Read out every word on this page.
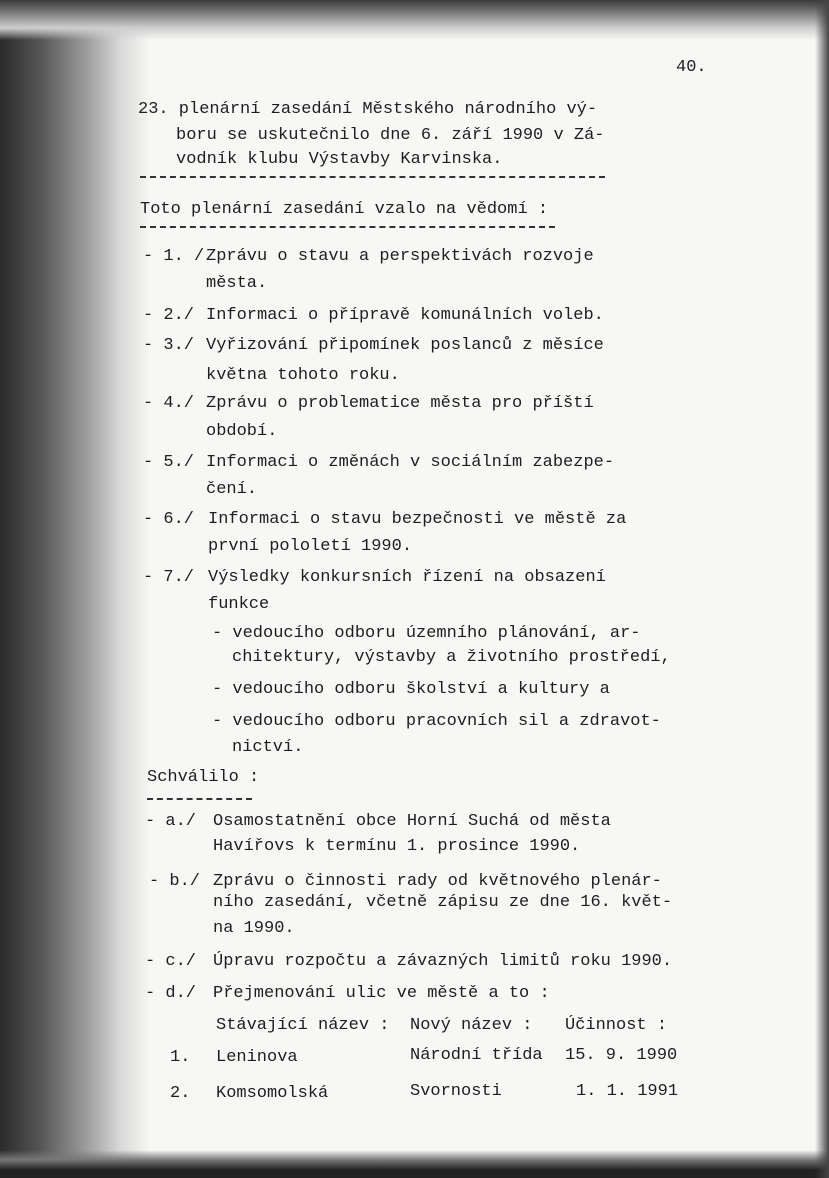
40.
23. plenární zasedání Městského národního vý-
boru se uskutečnilo dne 6. září 1990 v Zá-
vodník klubu Výstavby Karvinska.
Toto plenární zasedání vzalo na vědomí :
- 1. / Zprávu o stavu a perspektivách rozvoje
města.
- 2./ Informaci o přípravě komunálních voleb.
- 3./ Vyřizování připomínek poslanců z měsíce
května tohoto roku.
- 4./ Zprávu o problematice města pro příští
období.
- 5./ Informaci o změnách v sociálním zabezpe-
čení.
- 6./ Informaci o stavu bezpečnosti ve městě za
první pololetí 1990.
- 7./ Výsledky konkursních řízení na obsazení
funkce
- vedoucího odboru územního plánování, ar-
chitektury, výstavby a životního prostředí,
- vedoucího odboru školství a kultury a
- vedoucího odboru pracovních sil a zdravot-
nictví.
Schválilo :
- a./ Osamostatnění obce Horní Suchá od města
Havířovs k termínu 1. prosince 1990.
- b./ Zprávu o činnosti rady od květnového plenár-
ního zasedání, včetně zápisu ze dne 16. květ-
na 1990.
- c./ Úpravu rozpočtu a závazných limitů roku 1990.
- d./ Přejmenování ulic ve městě a to :
Stávající název : Nový název : Účinnost :
1. Leninova	Národní třída 15. 9. 1990
2. Komsomolská	Svornosti	1. 1. 1991
